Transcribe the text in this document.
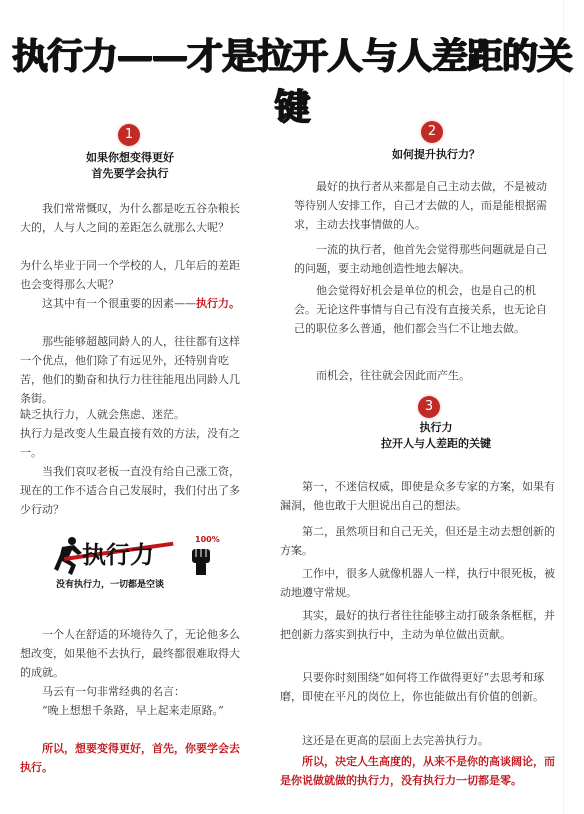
执行力——才是拉开人与人差距的关键
1
如果你想变得更好
首先要学会执行
我们常常慨叹，为什么都是吃五谷杂粮长大的，人与人之间的差距怎么就那么大呢？
为什么毕业于同一个学校的人，几年后的差距也会变得那么大呢？
这其中有一个很重要的因素——执行力。
那些能够超越同龄人的人，往往都有这样一个优点，他们除了有远见外，还特别肯吃苦，他们的勤奋和执行力往往能甩出同龄人几条街。
缺乏执行力，人就会焦虑、迷茫。
执行力是改变人生最直接有效的方法，没有之一。
当我们哀叹老板一直没有给自己涨工资，现在的工作不适合自己发展时，我们付出了多少行动？
执行力
100%
没有执行力，一切都是空谈
一个人在舒适的环境待久了，无论他多么想改变，如果他不去执行，最终都很难取得大的成就。
马云有一句非常经典的名言：
“晚上想想千条路，早上起来走原路。”
所以，想要变得更好，首先，你要学会去执行。
2
如何提升执行力？
最好的执行者从来都是自己主动去做，不是被动等待别人安排工作，自己才去做的人，而是能根据需求，主动去找事情做的人。
一流的执行者，他首先会觉得那些问题就是自己的问题，要主动地创造性地去解决。
他会觉得好机会是单位的机会，也是自己的机会。无论这件事情与自己有没有直接关系，也无论自己的职位多么普通，他们都会当仁不让地去做。
而机会，往往就会因此而产生。
3
执行力
拉开人与人差距的关键
第一，不迷信权威，即使是众多专家的方案，如果有漏洞，他也敢于大胆说出自己的想法。
第二，虽然项目和自己无关，但还是主动去想创新的方案。
工作中，很多人就像机器人一样，执行中很死板，被动地遵守常规。
其实，最好的执行者往往能够主动打破条条框框，并把创新力落实到执行中，主动为单位做出贡献。
只要你时刻围绕“如何将工作做得更好”去思考和琢磨，即使在平凡的岗位上，你也能做出有价值的创新。
这还是在更高的层面上去完善执行力。
所以，决定人生高度的，从来不是你的高谈阔论，而是你说做就做的执行力，没有执行力一切都是零。
